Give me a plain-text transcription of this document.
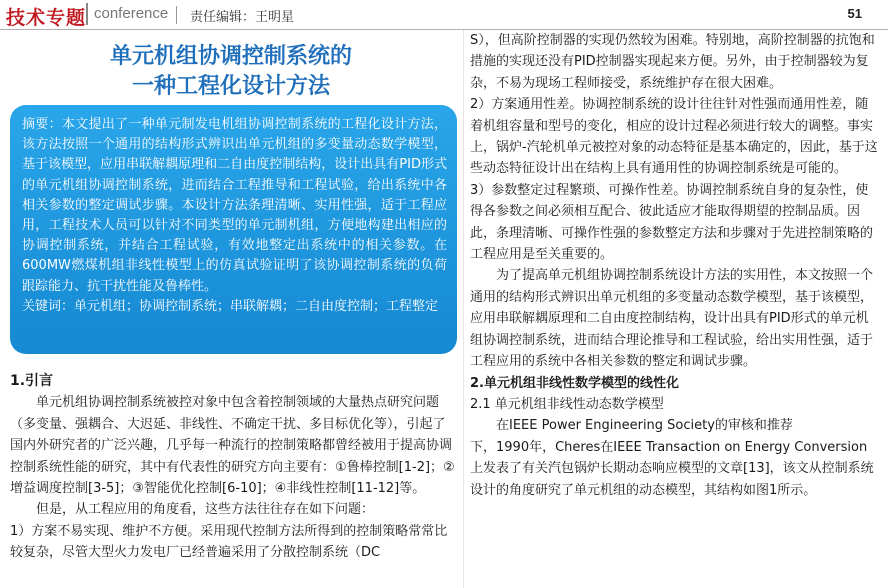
技术专题 conference	责任编辑：王明星	51
单元机组协调控制系统的
一种工程化设计方法

摘要：本文提出了一种单元制发电机组协调控制系统的工程化设计方法，该方法按照一个通用的结构形式辨识出单元机组的多变量动态数学模型，基于该模型，应用串联解耦原理和二自由度控制结构，设计出具有PID形式的单元机组协调控制系统，进而结合工程推导和工程试验，给出系统中各相关参数的整定调试步骤。本设计方法条理清晰、实用性强，适于工程应用，工程技术人员可以针对不同类型的单元制机组，方便地构建出相应的协调控制系统，并结合工程试验，有效地整定出系统中的相关参数。在600MW燃煤机组非线性模型上的仿真试验证明了该协调控制系统的负荷跟踪能力、抗干扰性能及鲁棒性。

关键词：单元机组；协调控制系统；串联解耦；二自由度控制；工程整定

1.引言

单元机组协调控制系统被控对象中包含着控制领域的大量热点研究问题（多变量、强耦合、大迟延、非线性、不确定干扰、多目标优化等），引起了国内外研究者的广泛兴趣，几乎每一种流行的控制策略都曾经被用于提高协调控制系统性能的研究，其中有代表性的研究方向主要有：①鲁棒控制[1-2]；②增益调度控制[3-5]；③智能优化控制[6-10]；④非线性控制[11-12]等。

但是，从工程应用的角度看，这些方法往往存在如下问题：

1）方案不易实现、维护不方便。采用现代控制方法所得到的控制策略常常比较复杂，尽管大型火力发电厂已经普遍采用了分散控制系统（DC

S），但高阶控制器的实现仍然较为困难。特别地，高阶控制器的抗饱和措施的实现还没有PID控制器实现起来方便。另外，由于控制器较为复杂，不易为现场工程师接受，系统维护存在很大困难。

2）方案通用性差。协调控制系统的设计往往针对性强而通用性差，随着机组容量和型号的变化，相应的设计过程必须进行较大的调整。事实上，锅炉-汽轮机单元被控对象的动态特征是基本确定的，因此，基于这些动态特征设计出在结构上具有通用性的协调控制系统是可能的。

3）参数整定过程繁琐、可操作性差。协调控制系统自身的复杂性，使得各参数之间必须相互配合、彼此适应才能取得期望的控制品质。因此，条理清晰、可操作性强的参数整定方法和步骤对于先进控制策略的工程应用是至关重要的。

为了提高单元机组协调控制系统设计方法的实用性，本文按照一个通用的结构形式辨识出单元机组的多变量动态数学模型，基于该模型，应用串联解耦原理和二自由度控制结构，设计出具有PID形式的单元机组协调控制系统，进而结合理论推导和工程试验，给出实用性强，适于工程应用的系统中各相关参数的整定和调试步骤。

2.单元机组非线性数学模型的线性化

2.1 单元机组非线性动态数学模型

在IEEE Power Engineering Society的审核和推荐

下，1990年，Cheres在IEEE Transaction on Energy Conversion上发表了有关汽包锅炉长期动态响应模型的文章[13]，该文从控制系统设计的角度研究了单元机组的动态模型，其结构如图1所示。
